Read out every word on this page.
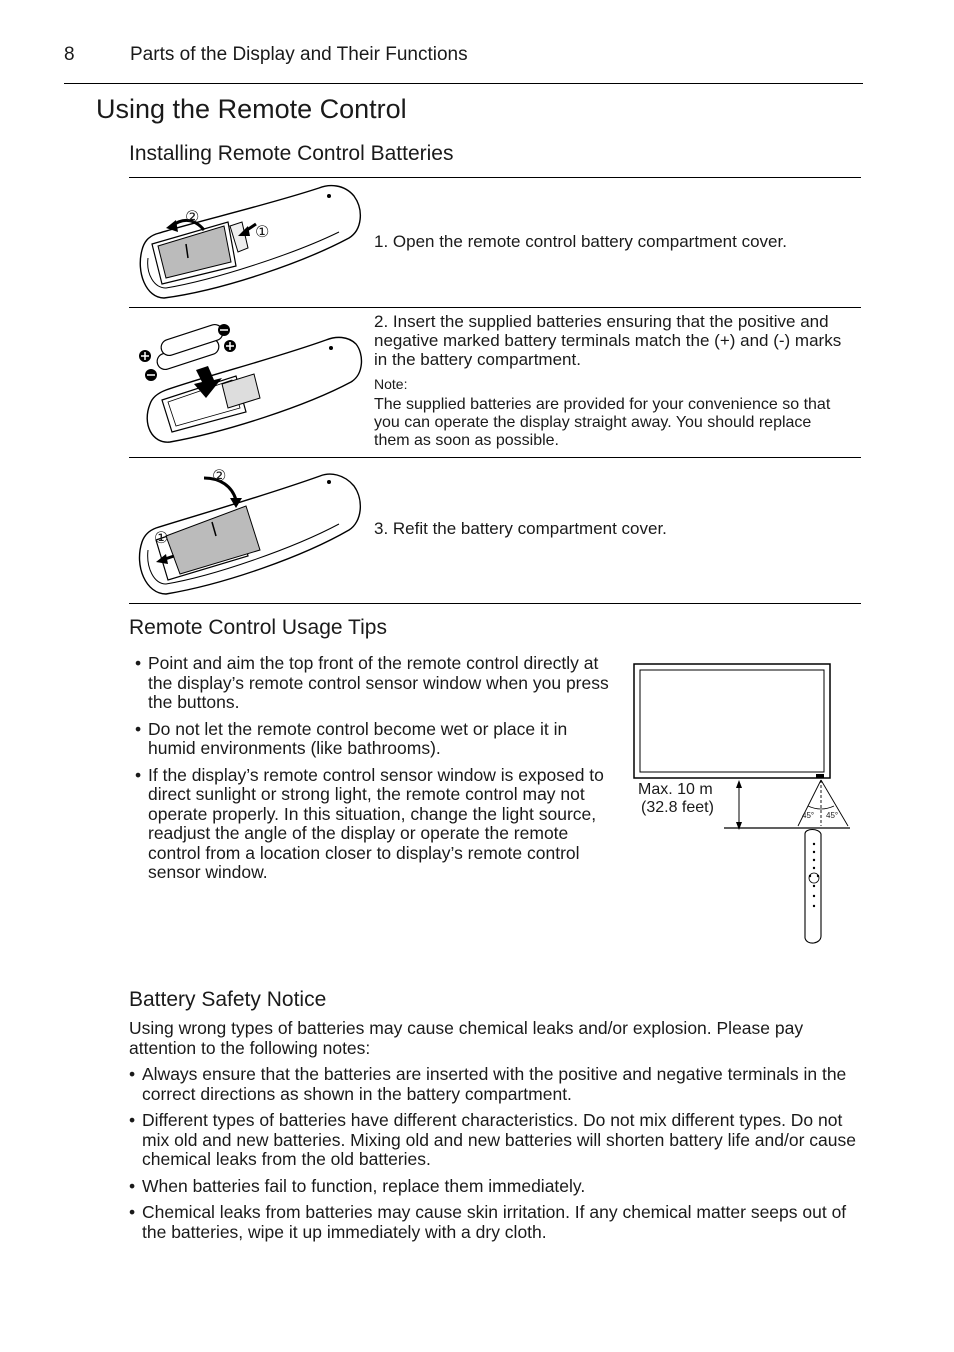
8	Parts of the Display and Their Functions
Using the Remote Control
Installing Remote Control Batteries
②
①	1. Open the remote control battery compartment cover.
2. Insert the supplied batteries ensuring that the positive and negative marked battery terminals match the (+) and (-) marks in the battery compartment.
Note:
The supplied batteries are provided for your convenience so that you can operate the display straight away. You should replace them as soon as possible.
②
①
3. Refit the battery compartment cover.
Remote Control Usage Tips
• Point and aim the top front of the remote control directly at the display’s remote control sensor window when you press the buttons.
• Do not let the remote control become wet or place it in humid environments (like bathrooms).
• If the display’s remote control sensor window is exposed to direct sunlight or strong light, the remote control may not operate properly. In this situation, change the light source, readjust the angle of the display or operate the remote control from a location closer to display’s remote control sensor window.
Max. 10 m
(32.8 feet)	45° 45°
Battery Safety Notice
Using wrong types of batteries may cause chemical leaks and/or explosion. Please pay attention to the following notes:
• Always ensure that the batteries are inserted with the positive and negative terminals in the correct directions as shown in the battery compartment.
• Different types of batteries have different characteristics. Do not mix different types. Do not mix old and new batteries. Mixing old and new batteries will shorten battery life and/or cause chemical leaks from the old batteries.
• When batteries fail to function, replace them immediately.
• Chemical leaks from batteries may cause skin irritation. If any chemical matter seeps out of the batteries, wipe it up immediately with a dry cloth.
